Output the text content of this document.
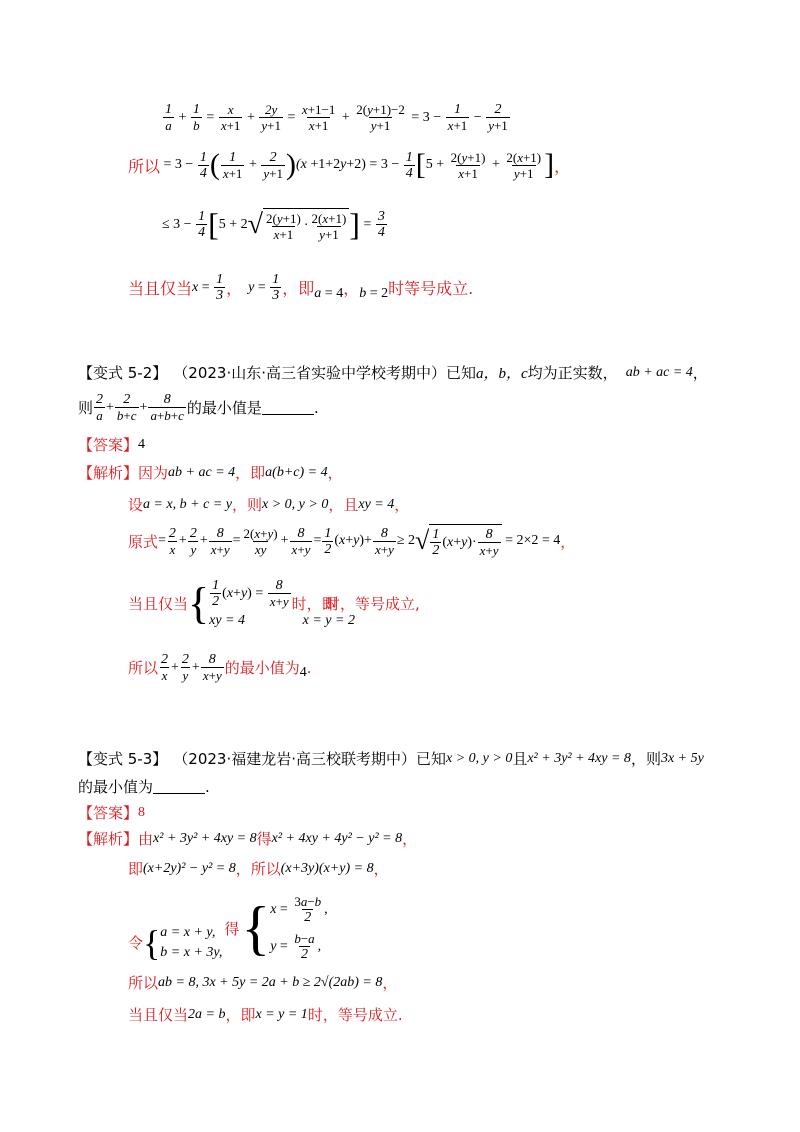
$\frac{1}{a} + \frac{1}{b} = \frac{x}{x+1} + \frac{2y}{y+1} = \frac{x+1-1}{x+1} + \frac{2(y+1)-2}{y+1} = 3 - \frac{1}{x+1} - \frac{2}{y+1}$
所以 = $3 - \frac{1}{4}$ ( $\frac{1}{x+1} + \frac{2}{y+1}$ ) $(x +1+2y+2) = 3 - \frac{1}{4}$ [ $5 + \frac{2(y+1)}{x+1} + \frac{2(x+1)}{y+1}$ ] ，
≤ $3 - \frac{1}{4}$ [ 5 + 2 √ $\frac{2(y+1)}{x+1} \cdot \frac{2(x+1)}{y+1}$ ] = $\frac{3}{4}$
当且仅当 $x = \frac{1}{3}$ ， $y = \frac{1}{3}$ ，即 a = 4 ， b = 2 时等号成立.
【变式 5-2】 （2023·山东·高三省实验中学校考期中）已知 a，b，c 均为正实数， ab + ac = 4 ，
则 $\frac{2}{a} + \frac{2}{b+c} + \frac{8}{a+b+c}$ 的最小值是	.
【答案】 4
【解析】 因为 ab + ac = 4 ，即 a(b+c) = 4 ，
设 a = x, b + c = y ，则 x > 0, y > 0 ，且 xy = 4 ，
原式 = $\frac{2}{x} + \frac{2}{y} + \frac{8}{x+y} = \frac{2(x+y)}{xy} + \frac{8}{x+y} = \frac{1}{2} (x+y)+ \frac{8}{x+y} \ge 2$ √ $\frac{1}{2} (x+y)\cdot \frac{8}{x+y} = 2\times 2 = 4$ ，
当且仅当 { $\frac{1}{2} (x+y) = \frac{8}{x+y}$
xy = 4
时，即
x = y = 2
时，等号成立,
所以 $\frac{2}{x} + \frac{2}{y} + \frac{8}{x+y}$ 的最小值为 4 .
【变式 5-3】 （2023·福建龙岩·高三校联考期中）已知 x > 0, y > 0 且 x² + 3y² + 4xy = 8 ，则 3x + 5y
的最小值为	.
【答案】 8
【解析】 由 x² + 3y² + 4xy = 8 得 x² + 4xy + 4y² − y² = 8 ，
即 (x+2y)² − y² = 8 ，所以 (x+3y)(x+y) = 8 ，
令 { a = x + y,
b = x + 3y,
得 { $x = \frac{3a-b}{2}$ ,
$y = \frac{b-a}{2}$ ,
所以 ab = 8, 3x + 5y = 2a + b ≥ 2√(2ab) = 8 ，
当且仅当 2a = b ，即 x = y = 1 时，等号成立.
